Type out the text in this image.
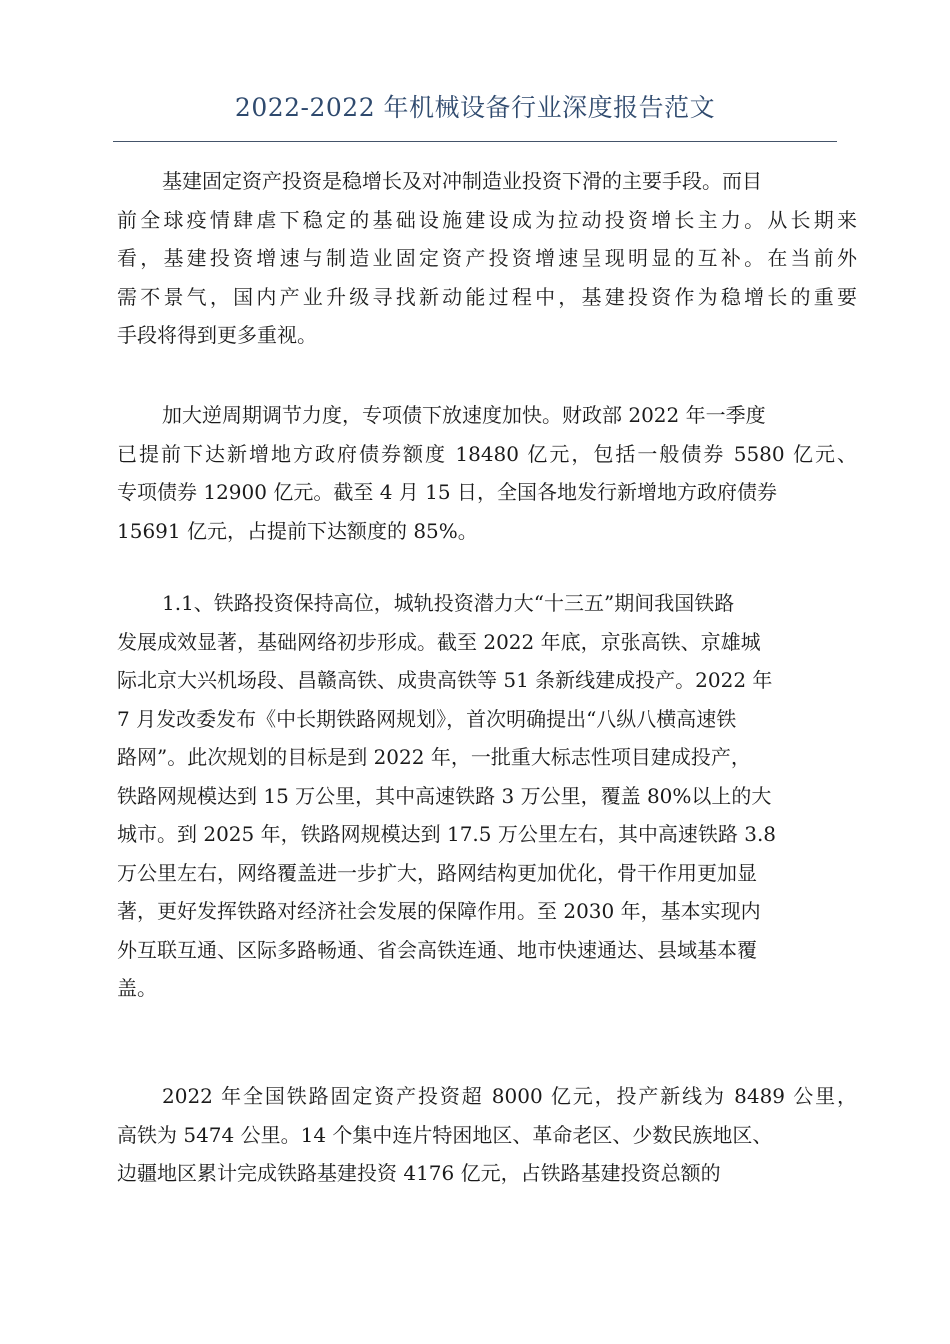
2022-2022 年机械设备行业深度报告范文
基建固定资产投资是稳增长及对冲制造业投资下滑的主要手段。而目
前全球疫情肆虐下稳定的基础设施建设成为拉动投资增长主力。从长期来
看，基建投资增速与制造业固定资产投资增速呈现明显的互补。在当前外
需不景气，国内产业升级寻找新动能过程中，基建投资作为稳增长的重要
手段将得到更多重视。
加大逆周期调节力度，专项债下放速度加快。财政部 2022 年一季度
已提前下达新增地方政府债券额度 18480 亿元，包括一般债券 5580 亿元、
专项债券 12900 亿元。截至 4 月 15 日，全国各地发行新增地方政府债券
15691 亿元，占提前下达额度的 85%。
1.1、铁路投资保持高位，城轨投资潜力大“十三五”期间我国铁路
发展成效显著，基础网络初步形成。截至 2022 年底，京张高铁、京雄城
际北京大兴机场段、昌赣高铁、成贵高铁等 51 条新线建成投产。2022 年
7 月发改委发布《中长期铁路网规划》，首次明确提出“八纵八横高速铁
路网”。此次规划的目标是到 2022 年，一批重大标志性项目建成投产，
铁路网规模达到 15 万公里，其中高速铁路 3 万公里，覆盖 80%以上的大
城市。到 2025 年，铁路网规模达到 17.5 万公里左右，其中高速铁路 3.8
万公里左右，网络覆盖进一步扩大，路网结构更加优化，骨干作用更加显
著，更好发挥铁路对经济社会发展的保障作用。至 2030 年，基本实现内
外互联互通、区际多路畅通、省会高铁连通、地市快速通达、县域基本覆
盖。
2022 年全国铁路固定资产投资超 8000 亿元，投产新线为 8489 公里，
高铁为 5474 公里。14 个集中连片特困地区、革命老区、少数民族地区、
边疆地区累计完成铁路基建投资 4176 亿元，占铁路基建投资总额的
